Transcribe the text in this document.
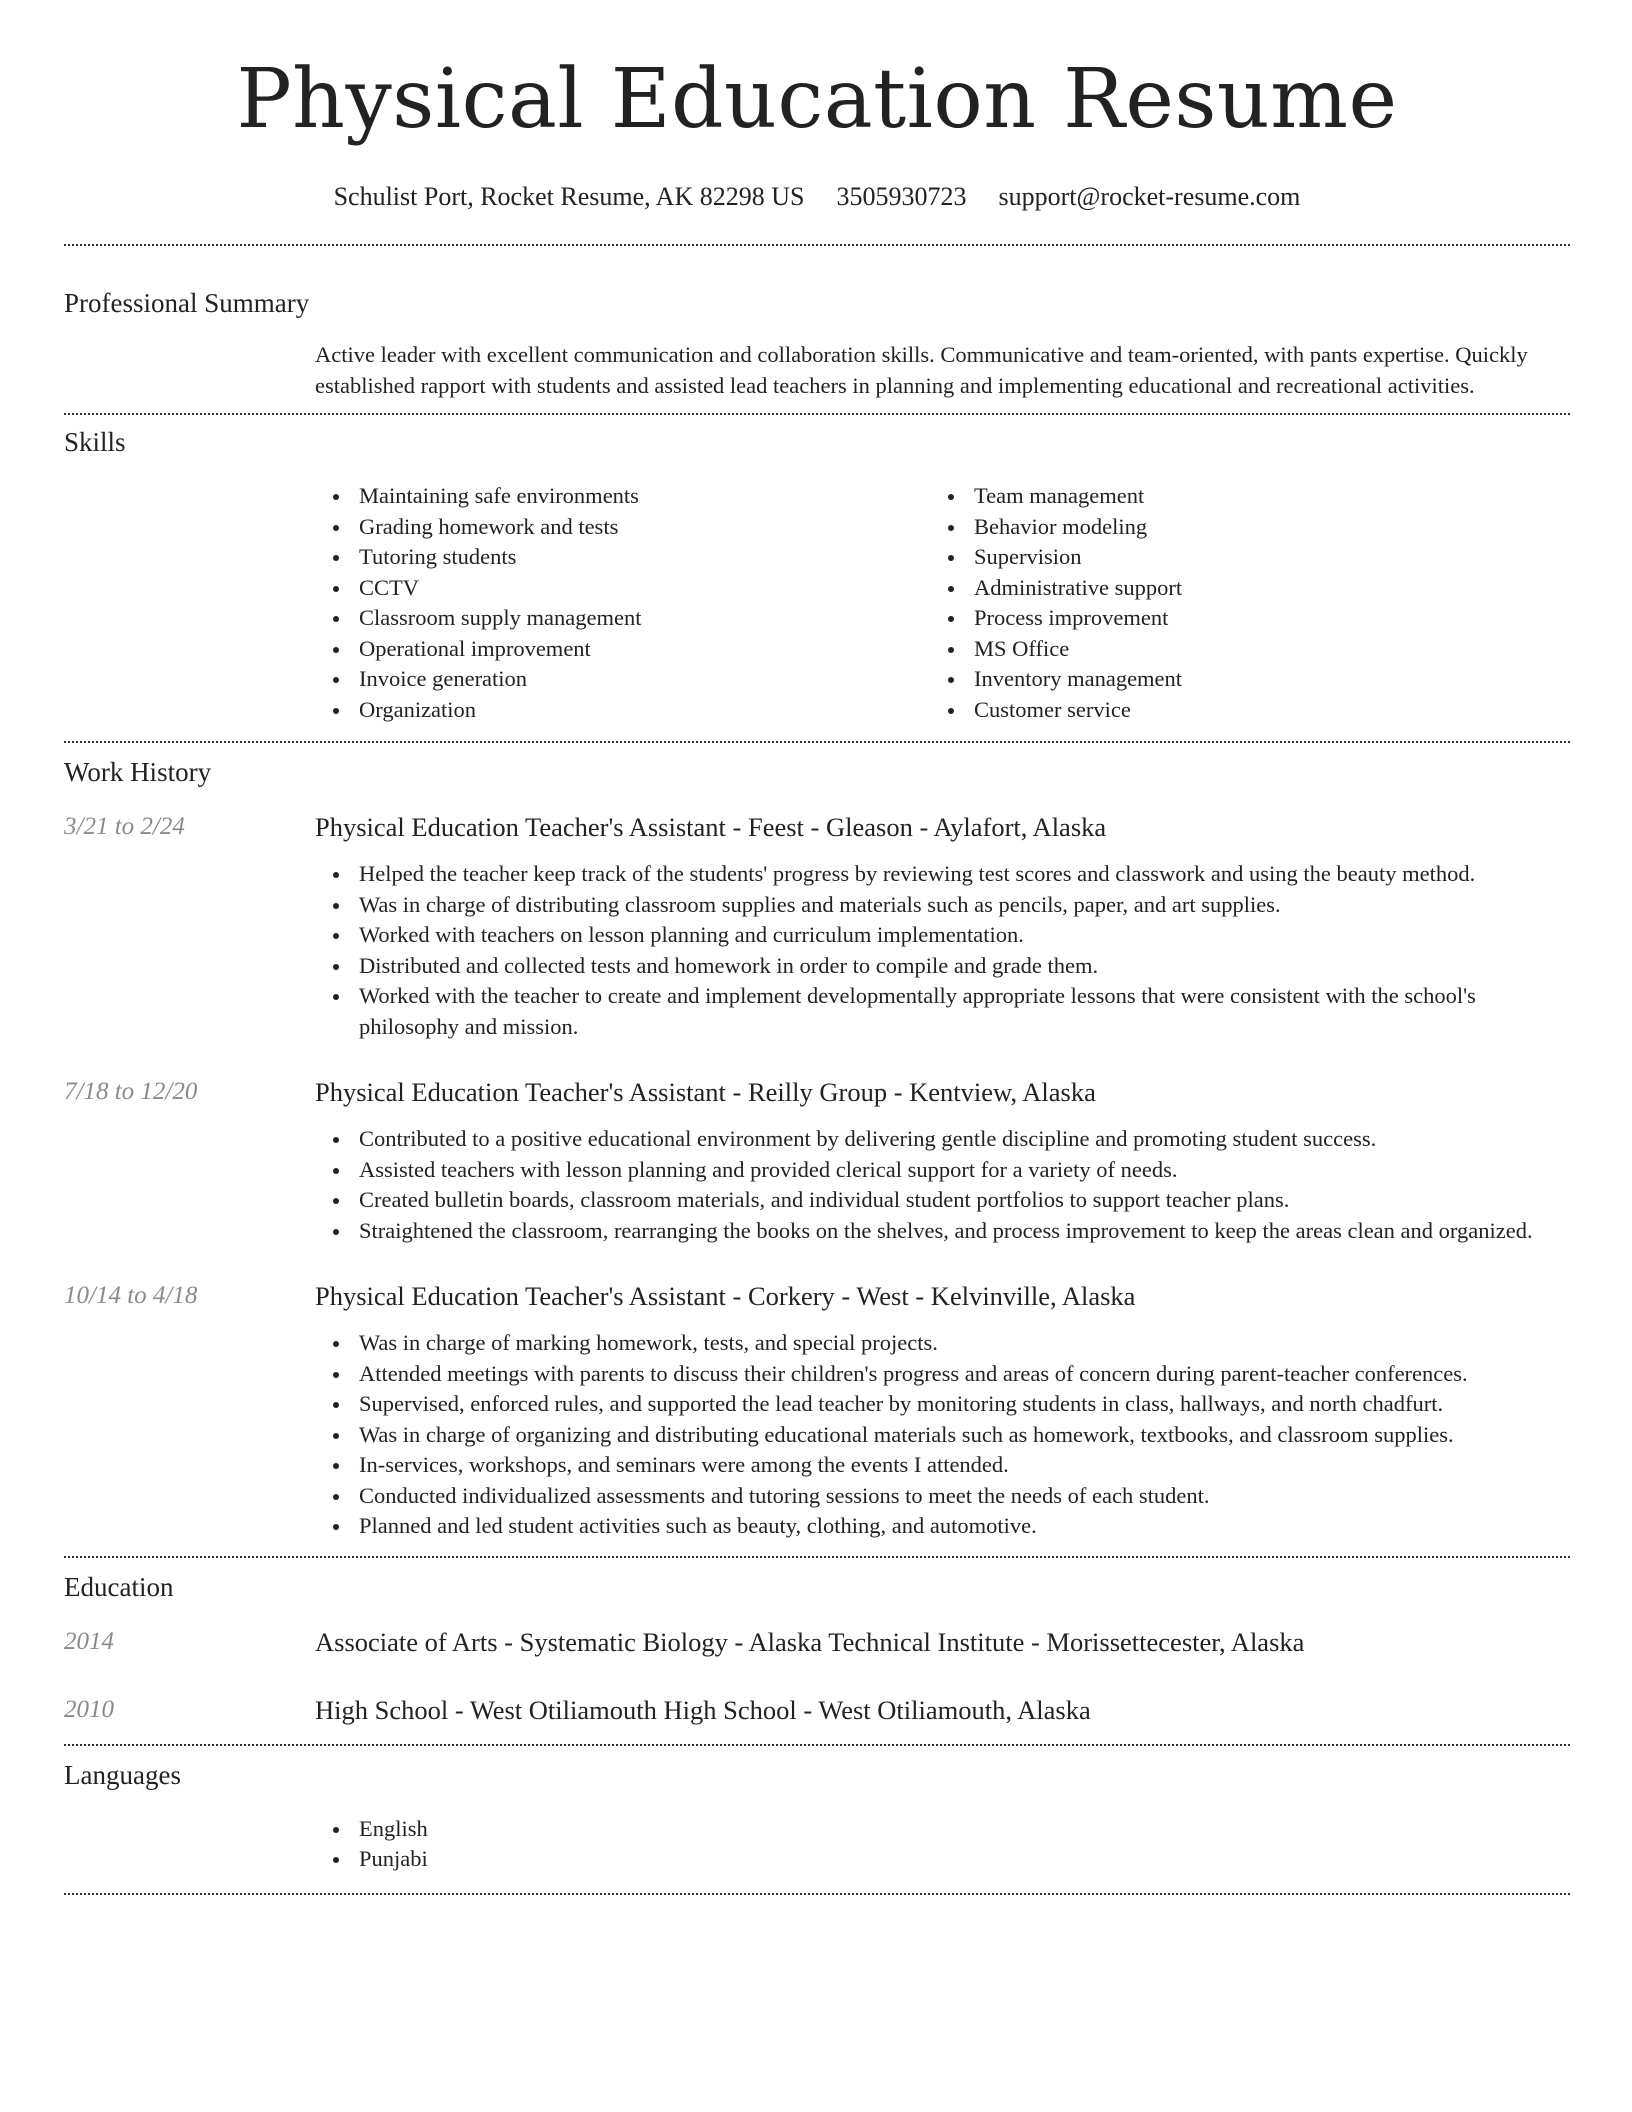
Physical Education Resume
Schulist Port, Rocket Resume, AK 82298 US 3505930723 support@rocket-resume.com
Professional Summary
Active leader with excellent communication and collaboration skills. Communicative and team-oriented, with pants expertise. Quickly established rapport with students and assisted lead teachers in planning and implementing educational and recreational activities.
Skills
Maintaining safe environments
Grading homework and tests
Tutoring students
CCTV
Classroom supply management
Operational improvement
Invoice generation
Organization
Team management
Behavior modeling
Supervision
Administrative support
Process improvement
MS Office
Inventory management
Customer service
Work History
3/21 to 2/24	Physical Education Teacher's Assistant - Feest - Gleason - Aylafort, Alaska
Helped the teacher keep track of the students' progress by reviewing test scores and classwork and using the beauty method.
Was in charge of distributing classroom supplies and materials such as pencils, paper, and art supplies.
Worked with teachers on lesson planning and curriculum implementation.
Distributed and collected tests and homework in order to compile and grade them.
Worked with the teacher to create and implement developmentally appropriate lessons that were consistent with the school's philosophy and mission.
7/18 to 12/20	Physical Education Teacher's Assistant - Reilly Group - Kentview, Alaska
Contributed to a positive educational environment by delivering gentle discipline and promoting student success.
Assisted teachers with lesson planning and provided clerical support for a variety of needs.
Created bulletin boards, classroom materials, and individual student portfolios to support teacher plans.
Straightened the classroom, rearranging the books on the shelves, and process improvement to keep the areas clean and organized.
10/14 to 4/18	Physical Education Teacher's Assistant - Corkery - West - Kelvinville, Alaska
Was in charge of marking homework, tests, and special projects.
Attended meetings with parents to discuss their children's progress and areas of concern during parent-teacher conferences.
Supervised, enforced rules, and supported the lead teacher by monitoring students in class, hallways, and north chadfurt.
Was in charge of organizing and distributing educational materials such as homework, textbooks, and classroom supplies.
In-services, workshops, and seminars were among the events I attended.
Conducted individualized assessments and tutoring sessions to meet the needs of each student.
Planned and led student activities such as beauty, clothing, and automotive.
Education
2014	Associate of Arts - Systematic Biology - Alaska Technical Institute - Morissettecester, Alaska
2010	High School - West Otiliamouth High School - West Otiliamouth, Alaska
Languages
English
Punjabi
